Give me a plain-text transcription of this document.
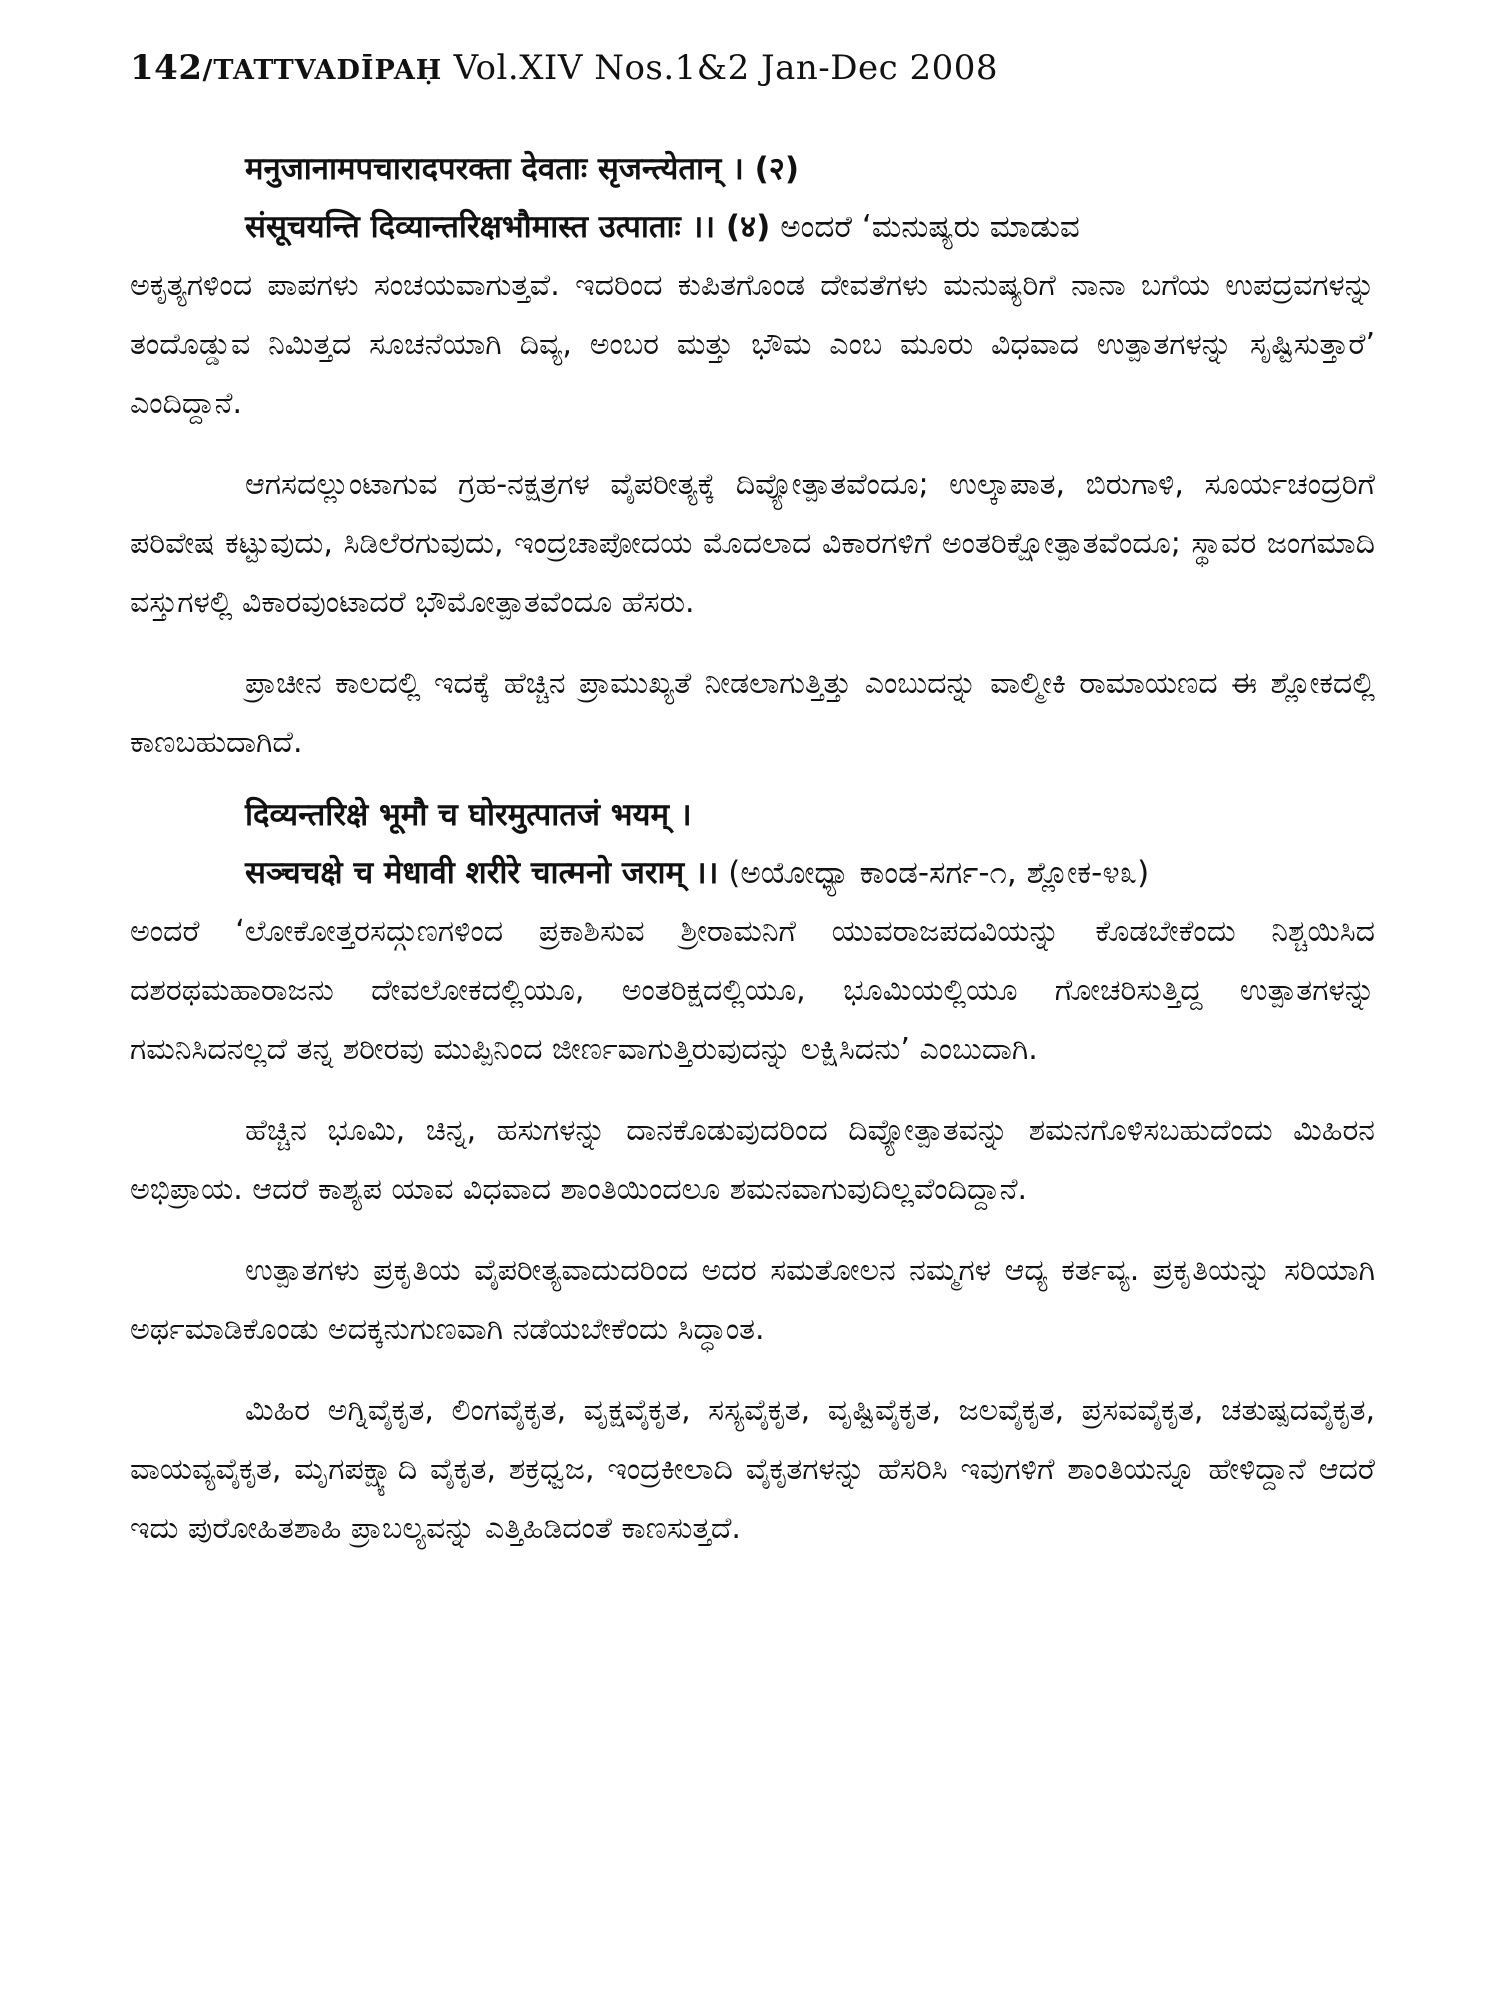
142/TATTVADĪPAḤ Vol.XIV Nos.1&2 Jan-Dec 2008

मनुजानामपचारादपरक्ता देवताः सृजन्त्येतान् । (२)

संसूचयन्ति दिव्यान्तरिक्षभौमास्त उत्पाताः ।। (४) ಅಂದರೆ ‘ಮನುಷ್ಯರು ಮಾಡುವ

ಅಕೃತ್ಯಗಳಿಂದ ಪಾಪಗಳು ಸಂಚಯವಾಗುತ್ತವೆ. ಇದರಿಂದ ಕುಪಿತಗೊಂಡ ದೇವತೆಗಳು ಮನುಷ್ಯರಿಗೆ ನಾನಾ ಬಗೆಯ ಉಪದ್ರವಗಳನ್ನು ತಂದೊಡ್ಡುವ ನಿಮಿತ್ತದ ಸೂಚನೆಯಾಗಿ ದಿವ್ಯ, ಅಂಬರ ಮತ್ತು ಭೌಮ ಎಂಬ ಮೂರು ವಿಧವಾದ ಉತ್ಪಾತಗಳನ್ನು ಸೃಷ್ಟಿಸುತ್ತಾರೆ’ ಎಂದಿದ್ದಾನೆ.

ಆಗಸದಲ್ಲುಂಟಾಗುವ ಗ್ರಹ-ನಕ್ಷತ್ರಗಳ ವೈಪರೀತ್ಯಕ್ಕೆ ದಿವ್ಯೋತ್ಪಾತವೆಂದೂ; ಉಲ್ಕಾಪಾತ, ಬಿರುಗಾಳಿ, ಸೂರ್ಯಚಂದ್ರರಿಗೆ ಪರಿವೇಷ ಕಟ್ಟುವುದು, ಸಿಡಿಲೆರಗುವುದು, ಇಂದ್ರಚಾಪೋದಯ ಮೊದಲಾದ ವಿಕಾರಗಳಿಗೆ ಅಂತರಿಕ್ಷೋತ್ಪಾತವೆಂದೂ; ಸ್ಥಾವರ ಜಂಗಮಾದಿ ವಸ್ತುಗಳಲ್ಲಿ ವಿಕಾರವುಂಟಾದರೆ ಭೌಮೋತ್ಪಾತವೆಂದೂ ಹೆಸರು.

ಪ್ರಾಚೀನ ಕಾಲದಲ್ಲಿ ಇದಕ್ಕೆ ಹೆಚ್ಚಿನ ಪ್ರಾಮುಖ್ಯತೆ ನೀಡಲಾಗುತ್ತಿತ್ತು ಎಂಬುದನ್ನು ವಾಲ್ಮೀಕಿ ರಾಮಾಯಣದ ಈ ಶ್ಲೋಕದಲ್ಲಿ ಕಾಣಬಹುದಾಗಿದೆ.

दिव्यन्तरिक्षे भूमौ च घोरमुत्पातजं भयम् ।

सञ्चचक्षे च मेधावी शरीरे चात्मनो जराम् ।। (ಅಯೋಧ್ಯಾ ಕಾಂಡ-ಸರ್ಗ-೧, ಶ್ಲೋಕ-೪೩)

ಅಂದರೆ ‘ಲೋಕೋತ್ತರಸದ್ಗುಣಗಳಿಂದ ಪ್ರಕಾಶಿಸುವ ಶ್ರೀರಾಮನಿಗೆ ಯುವರಾಜಪದವಿಯನ್ನು ಕೊಡಬೇಕೆಂದು ನಿಶ್ಚಯಿಸಿದ ದಶರಥಮಹಾರಾಜನು ದೇವಲೋಕದಲ್ಲಿಯೂ, ಅಂತರಿಕ್ಷದಲ್ಲಿಯೂ, ಭೂಮಿಯಲ್ಲಿಯೂ ಗೋಚರಿಸುತ್ತಿದ್ದ ಉತ್ಪಾತಗಳನ್ನು ಗಮನಿಸಿದನಲ್ಲದೆ ತನ್ನ ಶರೀರವು ಮುಪ್ಪಿನಿಂದ ಜೀರ್ಣವಾಗುತ್ತಿರುವುದನ್ನು ಲಕ್ಷಿಸಿದನು’ ಎಂಬುದಾಗಿ.

ಹೆಚ್ಚಿನ ಭೂಮಿ, ಚಿನ್ನ, ಹಸುಗಳನ್ನು ದಾನಕೊಡುವುದರಿಂದ ದಿವ್ಯೋತ್ಪಾತವನ್ನು ಶಮನಗೊಳಿಸಬಹುದೆಂದು ಮಿಹಿರನ ಅಭಿಪ್ರಾಯ. ಆದರೆ ಕಾಶ್ಯಪ ಯಾವ ವಿಧವಾದ ಶಾಂತಿಯಿಂದಲೂ ಶಮನವಾಗುವುದಿಲ್ಲವೆಂದಿದ್ದಾನೆ.

ಉತ್ಪಾತಗಳು ಪ್ರಕೃತಿಯ ವೈಪರೀತ್ಯವಾದುದರಿಂದ ಅದರ ಸಮತೋಲನ ನಮ್ಮಗಳ ಆದ್ಯ ಕರ್ತವ್ಯ. ಪ್ರಕೃತಿಯನ್ನು ಸರಿಯಾಗಿ ಅರ್ಥಮಾಡಿಕೊಂಡು ಅದಕ್ಕನುಗುಣವಾಗಿ ನಡೆಯಬೇಕೆಂದು ಸಿದ್ಧಾಂತ.

ಮಿಹಿರ ಅಗ್ನಿವೈಕೃತ, ಲಿಂಗವೈಕೃತ, ವೃಕ್ಷವೈಕೃತ, ಸಸ್ಯವೈಕೃತ, ವೃಷ್ಟಿವೈಕೃತ, ಜಲವೈಕೃತ, ಪ್ರಸವವೈಕೃತ, ಚತುಷ್ಪದವೈಕೃತ, ವಾಯವ್ಯವೈಕೃತ, ಮೃಗಪಕ್ಷ್ಯಾದಿ ವೈಕೃತ, ಶಕ್ರಧ್ವಜ, ಇಂದ್ರಕೀಲಾದಿ ವೈಕೃತಗಳನ್ನು ಹೆಸರಿಸಿ ಇವುಗಳಿಗೆ ಶಾಂತಿಯನ್ನೂ ಹೇಳಿದ್ದಾನೆ ಆದರೆ ಇದು ಪುರೋಹಿತಶಾಹಿ ಪ್ರಾಬಲ್ಯವನ್ನು ಎತ್ತಿಹಿಡಿದಂತೆ ಕಾಣಸುತ್ತದೆ.
